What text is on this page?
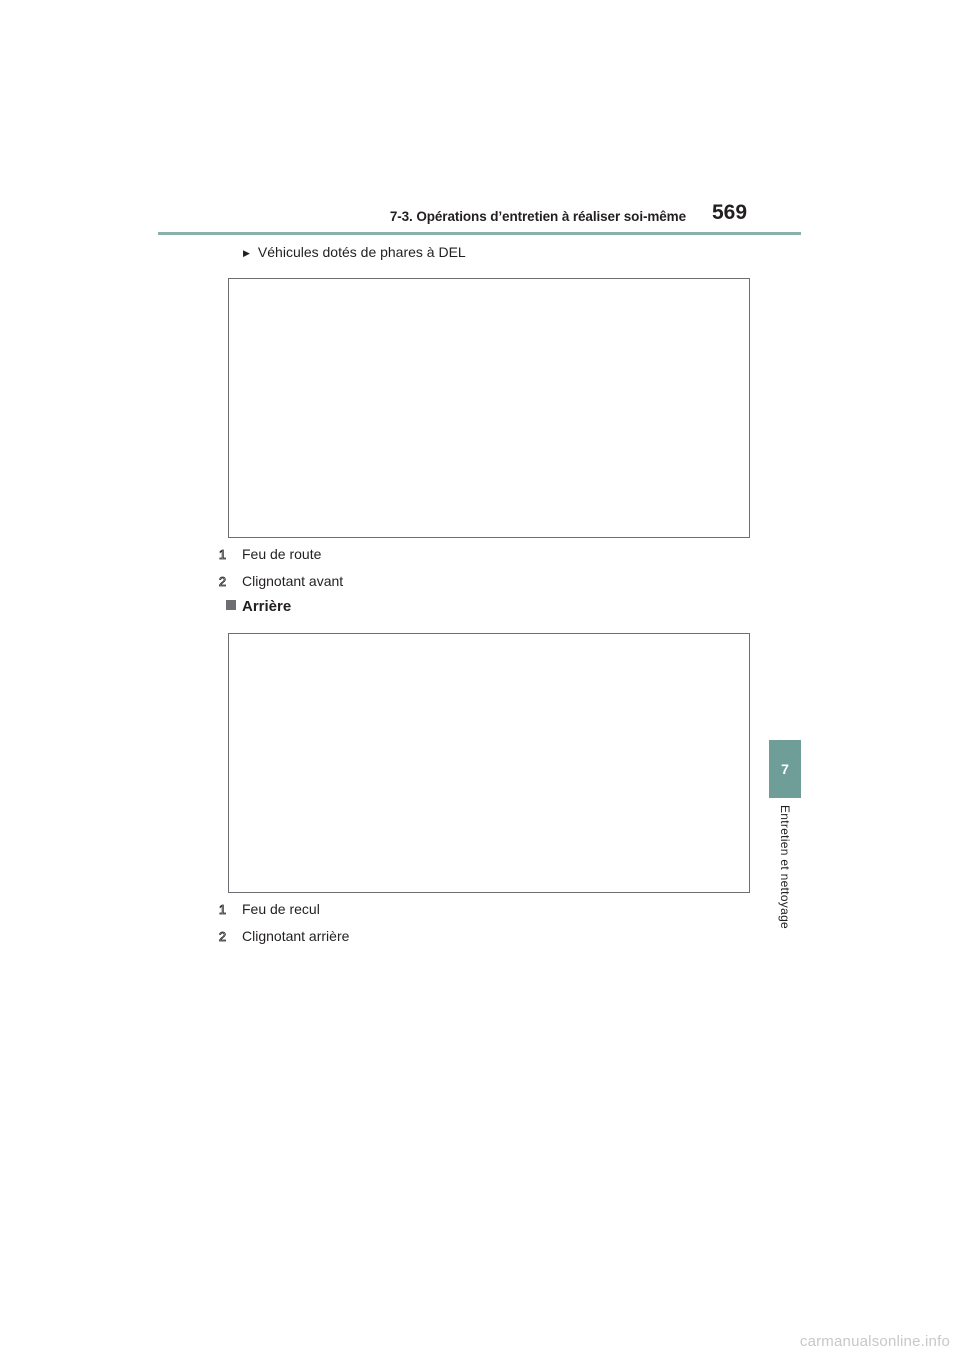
7-3. Opérations d’entretien à réaliser soi-même 569
7
Entretien et nettoyage
▶ Véhicules dotés de phares à DEL
1 Feu de route
2 Clignotant avant
Arrière
1 Feu de recul
2 Clignotant arrière
carmanualsonline.info
